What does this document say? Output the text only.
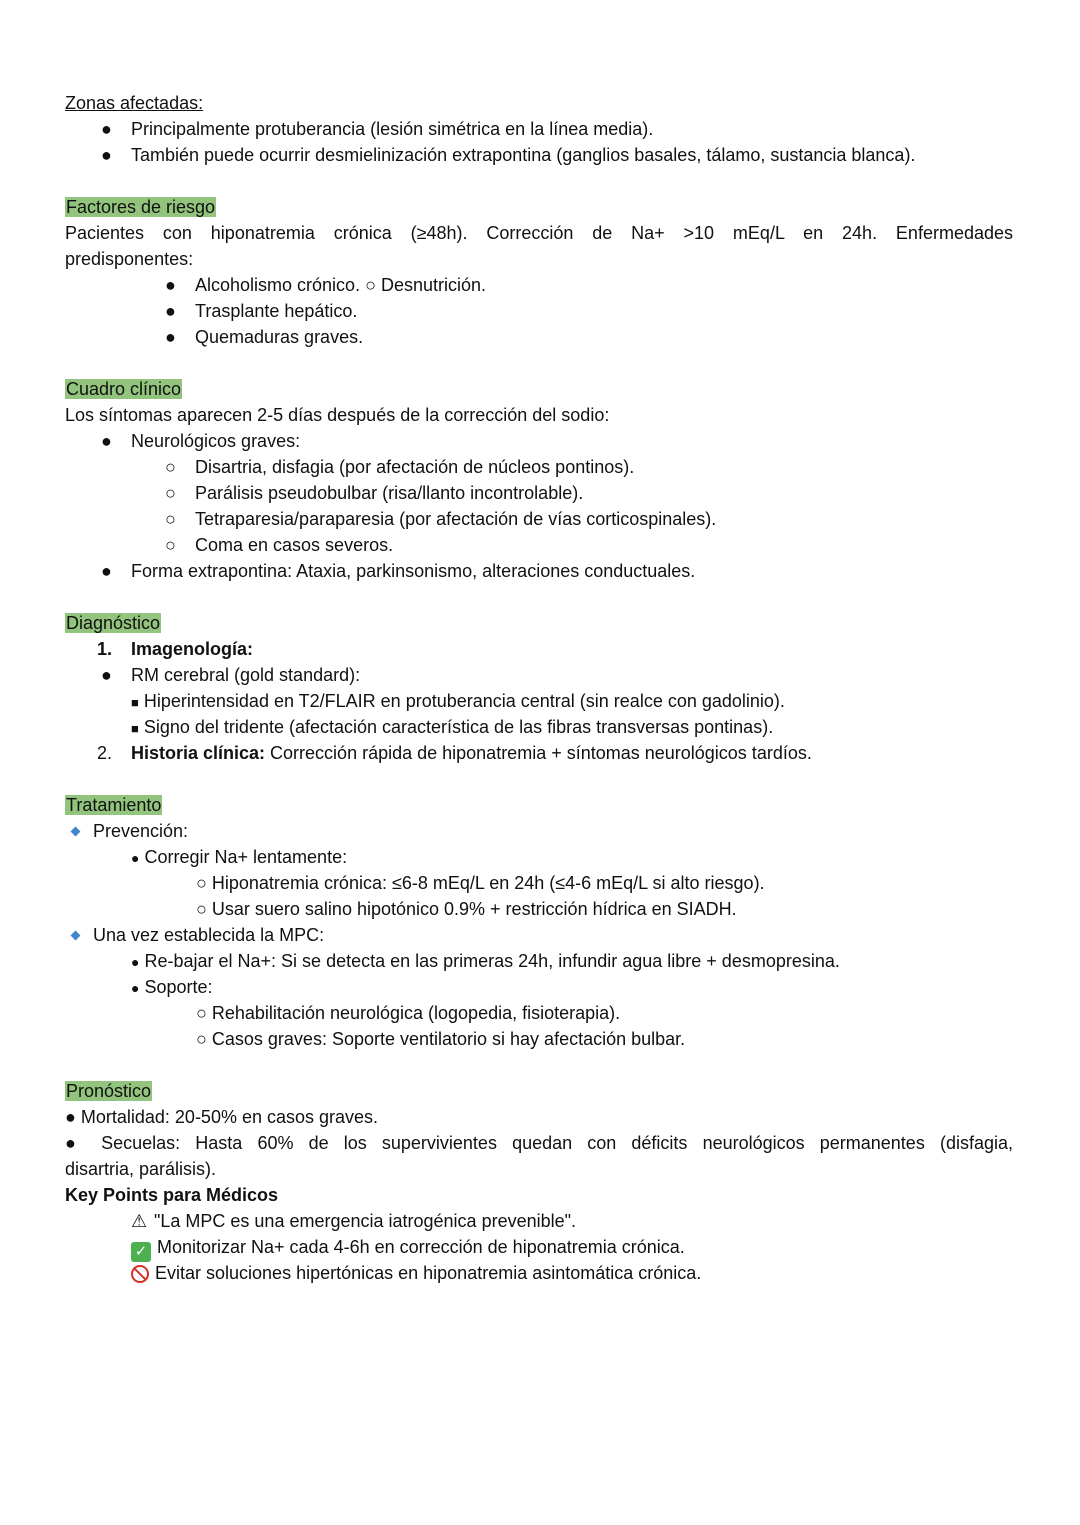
Zonas afectadas:
● Principalmente protuberancia (lesión simétrica en la línea media).
● También puede ocurrir desmielinización extrapontina (ganglios basales, tálamo, sustancia blanca).
Factores de riesgo
Pacientes con hiponatremia crónica (≥48h). Corrección de Na+ >10 mEq/L en 24h. Enfermedades
predisponentes:
● Alcoholismo crónico. ○ Desnutrición.
● Trasplante hepático.
● Quemaduras graves.
Cuadro clínico
Los síntomas aparecen 2-5 días después de la corrección del sodio:
● Neurológicos graves:
○ Disartria, disfagia (por afectación de núcleos pontinos).
○ Parálisis pseudobulbar (risa/llanto incontrolable).
○ Tetraparesia/paraparesia (por afectación de vías corticospinales).
○ Coma en casos severos.
● Forma extrapontina: Ataxia, parkinsonismo, alteraciones conductuales.
Diagnóstico
1. Imagenología:
● RM cerebral (gold standard):
■ Hiperintensidad en T2/FLAIR en protuberancia central (sin realce con gadolinio).
■ Signo del tridente (afectación característica de las fibras transversas pontinas).
2. Historia clínica: Corrección rápida de hiponatremia + síntomas neurológicos tardíos.
Tratamiento
Prevención:
● Corregir Na+ lentamente:
○ Hiponatremia crónica: ≤6-8 mEq/L en 24h (≤4-6 mEq/L si alto riesgo).
○ Usar suero salino hipotónico 0.9% + restricción hídrica en SIADH.
Una vez establecida la MPC:
● Re-bajar el Na+: Si se detecta en las primeras 24h, infundir agua libre + desmopresina.
● Soporte:
○ Rehabilitación neurológica (logopedia, fisioterapia).
○ Casos graves: Soporte ventilatorio si hay afectación bulbar.
Pronóstico
● Mortalidad: 20-50% en casos graves.
● Secuelas: Hasta 60% de los supervivientes quedan con déficits neurológicos permanentes (disfagia,
disartria, parálisis).
Key Points para Médicos
⚠ "La MPC es una emergencia iatrogénica prevenible".
✓ Monitorizar Na+ cada 4-6h en corrección de hiponatremia crónica.
Evitar soluciones hipertónicas en hiponatremia asintomática crónica.
